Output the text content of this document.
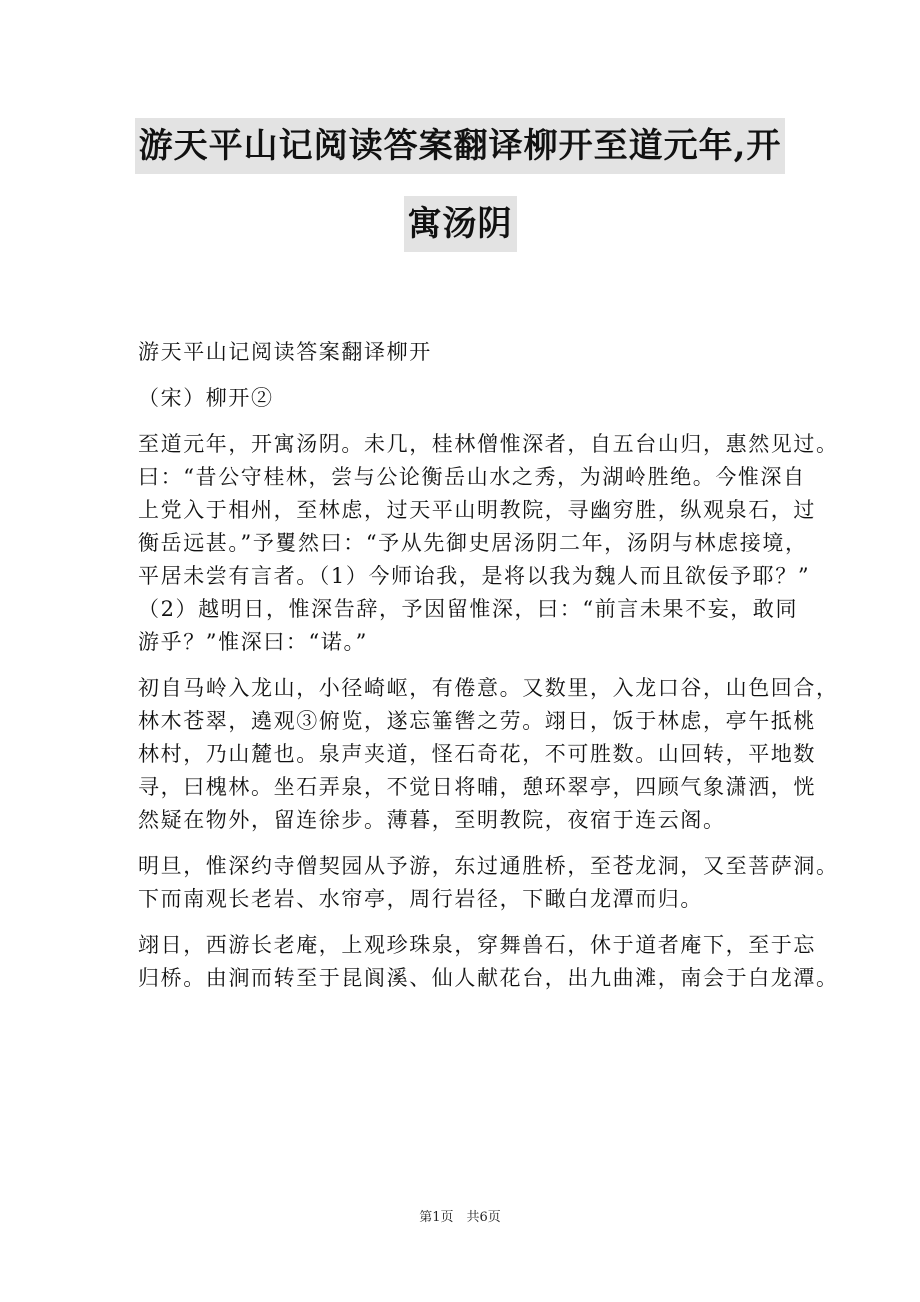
游天平山记阅读答案翻译柳开至道元年,开
寓汤阴
游天平山记阅读答案翻译柳开
（宋）柳开②
至道元年，开寓汤阴。未几，桂林僧惟深者，自五台山归，惠然见过。
曰：“昔公守桂林，尝与公论衡岳山水之秀，为湖岭胜绝。今惟深自
上党入于相州，至林虑，过天平山明教院，寻幽穷胜，纵观泉石，过
衡岳远甚。”予矍然曰：“予从先御史居汤阴二年，汤阴与林虑接境，
平居未尝有言者。（1）今师诒我，是将以我为魏人而且欲佞予耶？”
（2）越明日，惟深告辞，予因留惟深，曰：“前言未果不妄，敢同
游乎？”惟深曰：“诺。”
初自马岭入龙山，小径崎岖，有倦意。又数里，入龙口谷，山色回合，
林木苍翠，遶观③俯览，遂忘箠辔之劳。翊日，饭于林虑，亭午抵桃
林村，乃山麓也。泉声夹道，怪石奇花，不可胜数。山回转，平地数
寻，曰槐林。坐石弄泉，不觉日将晡，憩环翠亭，四顾气象潇洒，恍
然疑在物外，留连徐步。薄暮，至明教院，夜宿于连云阁。
明旦，惟深约寺僧契园从予游，东过通胜桥，至苍龙洞，又至菩萨洞。
下而南观长老岩、水帘亭，周行岩径，下瞰白龙潭而归。
翊日，西游长老庵，上观珍珠泉，穿舞兽石，休于道者庵下，至于忘
归桥。由涧而转至于昆阆溪、仙人献花台，出九曲滩，南会于白龙潭。
第1页　共6页
